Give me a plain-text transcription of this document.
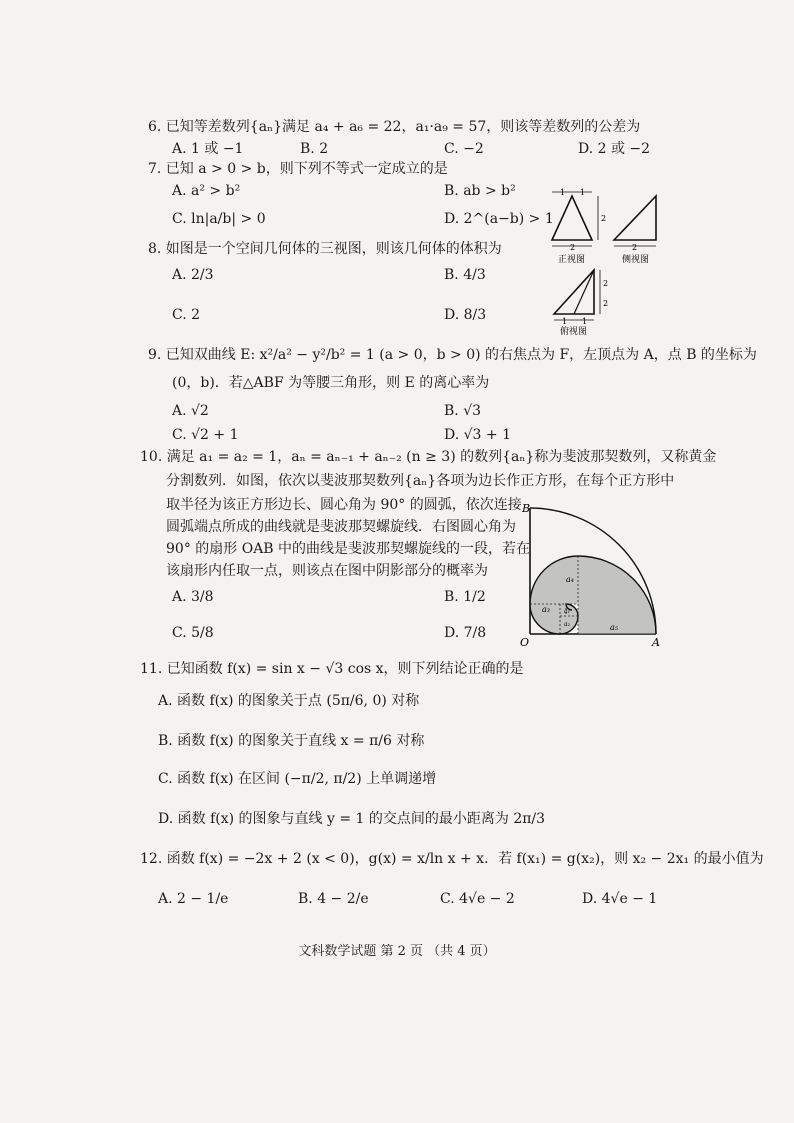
6. 已知等差数列{aₙ}满足 a₄ + a₆ = 22，a₁·a₉ = 57，则该等差数列的公差为
A. 1 或 −1	B. 2	C. −2	D. 2 或 −2
7. 已知 a > 0 > b，则下列不等式一定成立的是
A. a² > b²	B. ab > b²
C. ln|a/b| > 0	D. 2^(a−b) > 1
8. 如图是一个空间几何体的三视图，则该几何体的体积为
A. 2/3	B. 4/3
C. 2	D. 8/3
1 1
2
2
正视图
2
侧视图
1 1
2
2
俯视图
9. 已知双曲线 E: x²/a² − y²/b² = 1 (a > 0，b > 0) 的右焦点为 F，左顶点为 A，点 B 的坐标为
(0，b)．若△ABF 为等腰三角形，则 E 的离心率为
A. √2	B. √3
C. √2 + 1	D. √3 + 1
10. 满足 a₁ = a₂ = 1，aₙ = aₙ₋₁ + aₙ₋₂ (n ≥ 3) 的数列{aₙ}称为斐波那契数列，又称黄金
分割数列．如图，依次以斐波那契数列{aₙ}各项为边长作正方形，在每个正方形中
取半径为该正方形边长、圆心角为 90° 的圆弧，依次连接
圆弧端点所成的曲线就是斐波那契螺旋线．右图圆心角为
90° 的扇形 OAB 中的曲线是斐波那契螺旋线的一段，若在
该扇形内任取一点，则该点在图中阴影部分的概率为
A. 3/8	B. 1/2
C. 5/8	D. 7/8
B
O	A
a₃
a₄
a₅
a₁
a₂
11. 已知函数 f(x) = sin x − √3 cos x，则下列结论正确的是
A. 函数 f(x) 的图象关于点 (5π/6, 0) 对称
B. 函数 f(x) 的图象关于直线 x = π/6 对称
C. 函数 f(x) 在区间 (−π/2, π/2) 上单调递增
D. 函数 f(x) 的图象与直线 y = 1 的交点间的最小距离为 2π/3
12. 函数 f(x) = −2x + 2 (x < 0)，g(x) = x/ln x + x．若 f(x₁) = g(x₂)，则 x₂ − 2x₁ 的最小值为
A. 2 − 1/e	B. 4 − 2/e	C. 4√e − 2	D. 4√e − 1
文科数学试题 第 2 页 （共 4 页）
